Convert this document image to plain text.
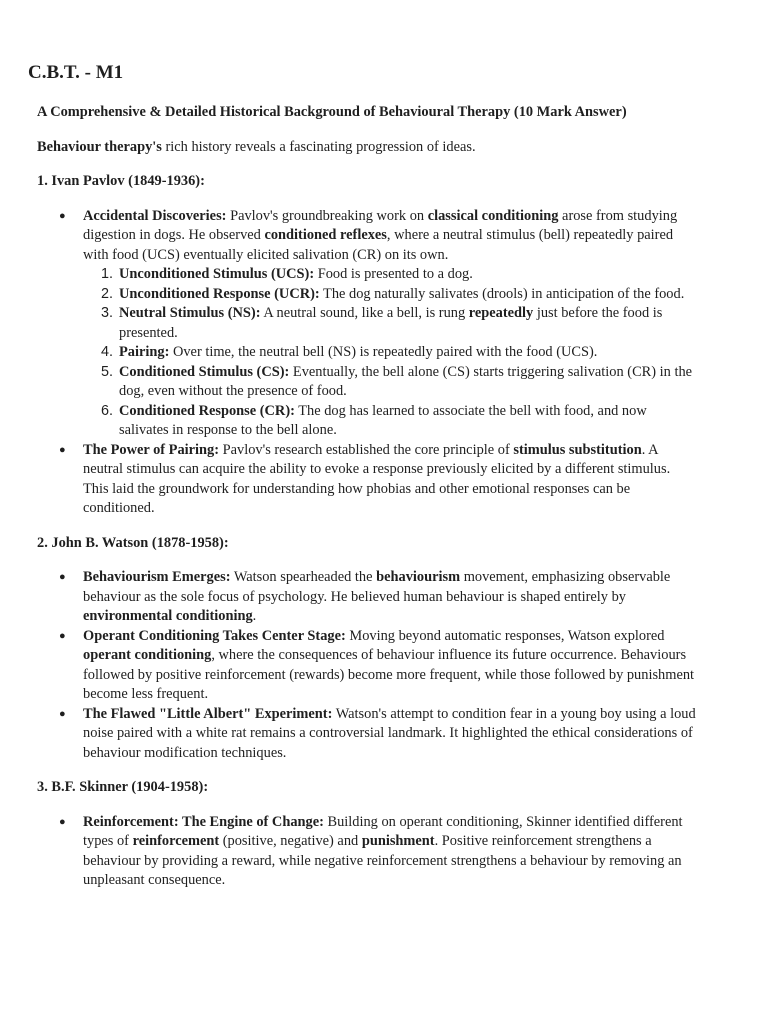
C.B.T. - M1

A Comprehensive & Detailed Historical Background of Behavioural Therapy (10 Mark Answer)

Behaviour therapy's rich history reveals a fascinating progression of ideas.

1. Ivan Pavlov (1849-1936):

● Accidental Discoveries: Pavlov's groundbreaking work on classical conditioning arose from studying digestion in dogs. He observed conditioned reflexes, where a neutral stimulus (bell) repeatedly paired with food (UCS) eventually elicited salivation (CR) on its own.
1. Unconditioned Stimulus (UCS): Food is presented to a dog.
2. Unconditioned Response (UCR): The dog naturally salivates (drools) in anticipation of the food.
3. Neutral Stimulus (NS): A neutral sound, like a bell, is rung repeatedly just before the food is presented.
4. Pairing: Over time, the neutral bell (NS) is repeatedly paired with the food (UCS).
5. Conditioned Stimulus (CS): Eventually, the bell alone (CS) starts triggering salivation (CR) in the dog, even without the presence of food.
6. Conditioned Response (CR): The dog has learned to associate the bell with food, and now salivates in response to the bell alone.
● The Power of Pairing: Pavlov's research established the core principle of stimulus substitution. A neutral stimulus can acquire the ability to evoke a response previously elicited by a different stimulus. This laid the groundwork for understanding how phobias and other emotional responses can be conditioned.

2. John B. Watson (1878-1958):

● Behaviourism Emerges: Watson spearheaded the behaviourism movement, emphasizing observable behaviour as the sole focus of psychology. He believed human behaviour is shaped entirely by environmental conditioning.
● Operant Conditioning Takes Center Stage: Moving beyond automatic responses, Watson explored operant conditioning, where the consequences of behaviour influence its future occurrence. Behaviours followed by positive reinforcement (rewards) become more frequent, while those followed by punishment become less frequent.
● The Flawed "Little Albert" Experiment: Watson's attempt to condition fear in a young boy using a loud noise paired with a white rat remains a controversial landmark. It highlighted the ethical considerations of behaviour modification techniques.

3. B.F. Skinner (1904-1958):

● Reinforcement: The Engine of Change: Building on operant conditioning, Skinner identified different types of reinforcement (positive, negative) and punishment. Positive reinforcement strengthens a behaviour by providing a reward, while negative reinforcement strengthens a behaviour by removing an unpleasant consequence.
